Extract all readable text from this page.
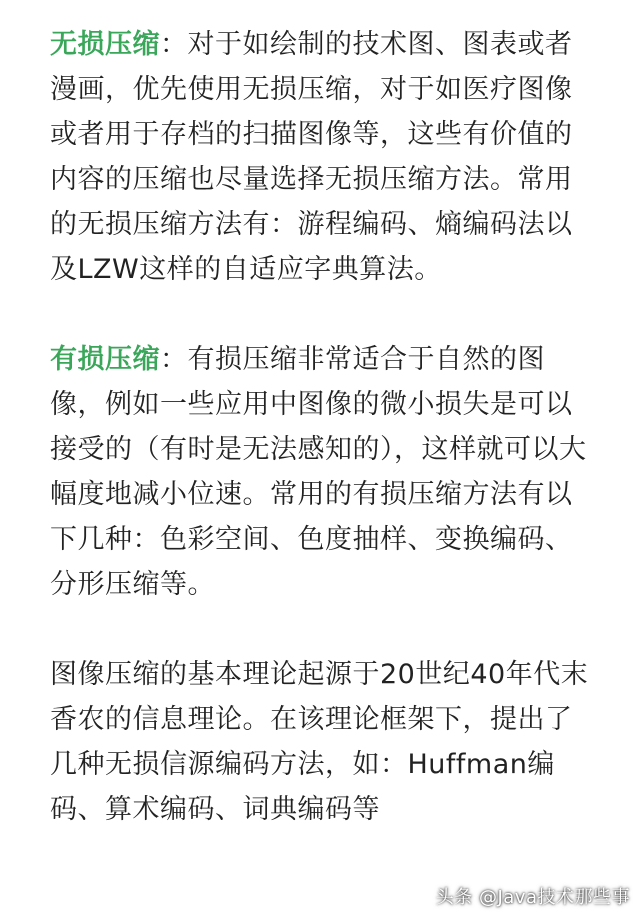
无损压缩：对于如绘制的技术图、图表或者漫画，优先使用无损压缩，对于如医疗图像或者用于存档的扫描图像等，这些有价值的内容的压缩也尽量选择无损压缩方法。常用的无损压缩方法有：游程编码、熵编码法以及LZW这样的自适应字典算法。

有损压缩：有损压缩非常适合于自然的图像，例如一些应用中图像的微小损失是可以接受的（有时是无法感知的），这样就可以大幅度地减小位速。常用的有损压缩方法有以下几种：色彩空间、色度抽样、变换编码、分形压缩等。

图像压缩的基本理论起源于20世纪40年代末香农的信息理论。在该理论框架下，提出了几种无损信源编码方法，如：Huffman编码、算术编码、词典编码等

头条 @Java技术那些事
